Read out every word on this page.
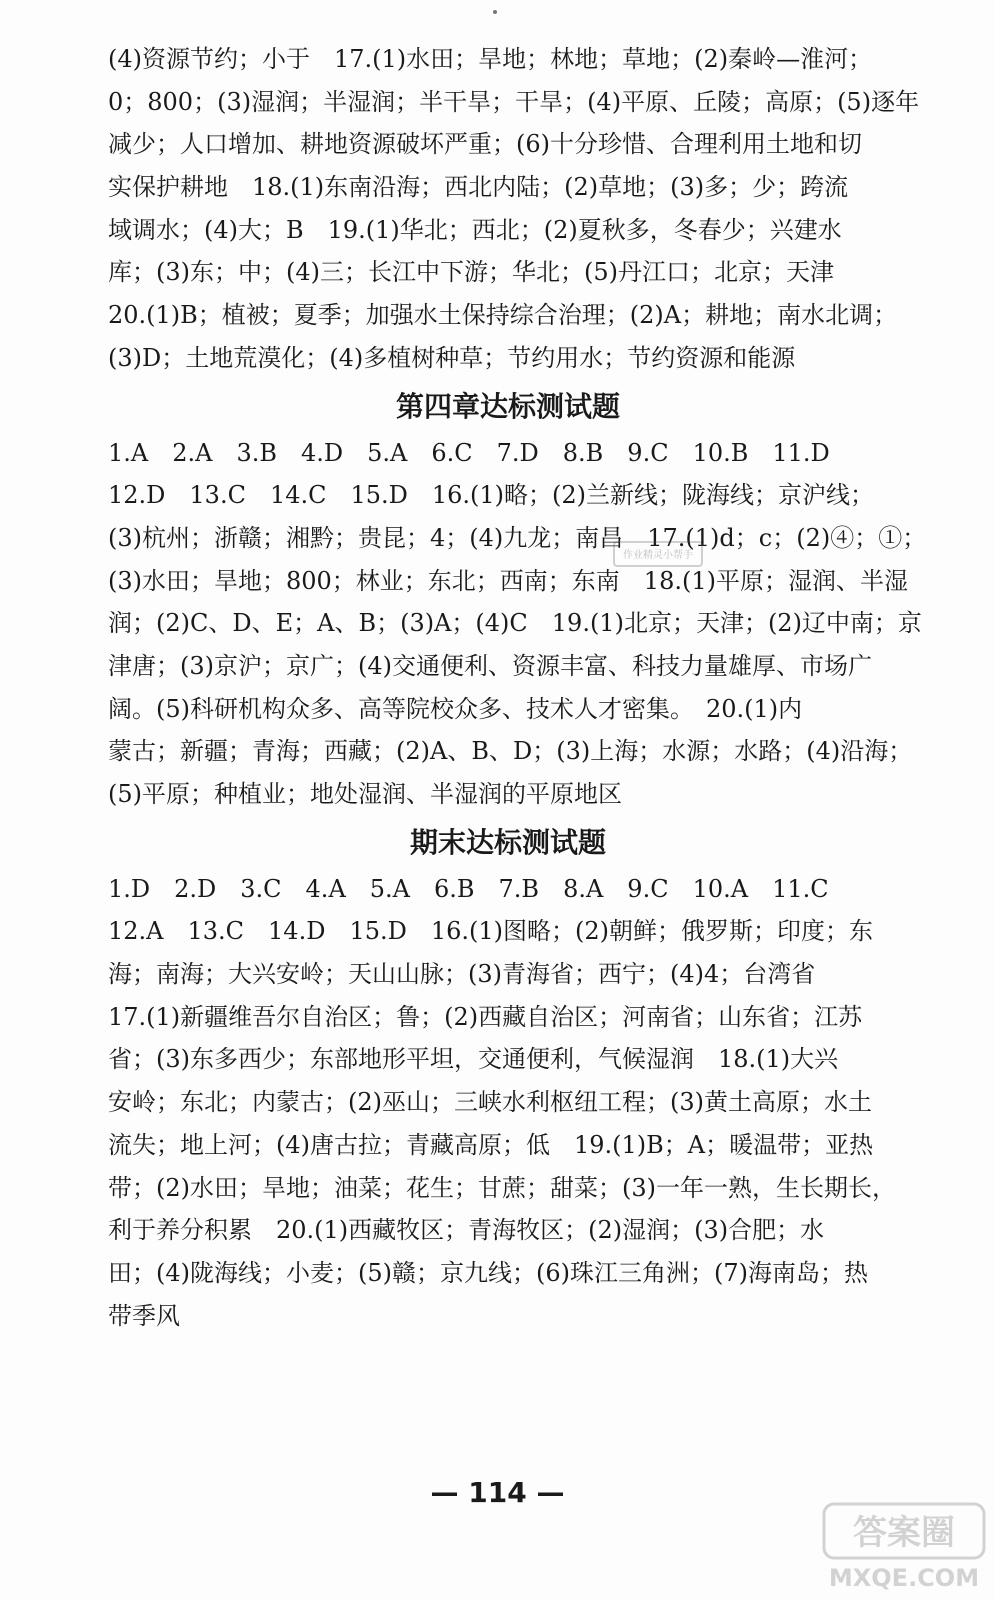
(4)资源节约；小于　17.(1)水田；旱地；林地；草地；(2)秦岭—淮河；
0；800；(3)湿润；半湿润；半干旱；干旱；(4)平原、丘陵；高原；(5)逐年
减少；人口增加、耕地资源破坏严重；(6)十分珍惜、合理利用土地和切
实保护耕地　18.(1)东南沿海；西北内陆；(2)草地；(3)多；少；跨流
域调水；(4)大；B　19.(1)华北；西北；(2)夏秋多，冬春少；兴建水
库；(3)东；中；(4)三；长江中下游；华北；(5)丹江口；北京；天津
20.(1)B；植被；夏季；加强水土保持综合治理；(2)A；耕地；南水北调；
(3)D；土地荒漠化；(4)多植树种草；节约用水；节约资源和能源
第四章达标测试题
1.A　2.A　3.B　4.D　5.A　6.C　7.D　8.B　9.C　10.B　11.D
12.D　13.C　14.C　15.D　16.(1)略；(2)兰新线；陇海线；京沪线；
(3)杭州；浙赣；湘黔；贵昆；4；(4)九龙；南昌　17.(1)d；c；(2)④；①；
(3)水田；旱地；800；林业；东北；西南；东南　18.(1)平原；湿润、半湿
润；(2)C、D、E；A、B；(3)A；(4)C　19.(1)北京；天津；(2)辽中南；京
津唐；(3)京沪；京广；(4)交通便利、资源丰富、科技力量雄厚、市场广
阔。(5)科研机构众多、高等院校众多、技术人才密集。　20.(1)内
蒙古；新疆；青海；西藏；(2)A、B、D；(3)上海；水源；水路；(4)沿海；
(5)平原；种植业；地处湿润、半湿润的平原地区
期末达标测试题
1.D　2.D　3.C　4.A　5.A　6.B　7.B　8.A　9.C　10.A　11.C
12.A　13.C　14.D　15.D　16.(1)图略；(2)朝鲜；俄罗斯；印度；东
海；南海；大兴安岭；天山山脉；(3)青海省；西宁；(4)4；台湾省
17.(1)新疆维吾尔自治区；鲁；(2)西藏自治区；河南省；山东省；江苏
省；(3)东多西少；东部地形平坦，交通便利，气候湿润　18.(1)大兴
安岭；东北；内蒙古；(2)巫山；三峡水利枢纽工程；(3)黄土高原；水土
流失；地上河；(4)唐古拉；青藏高原；低　19.(1)B；A；暖温带；亚热
带；(2)水田；旱地；油菜；花生；甘蔗；甜菜；(3)一年一熟，生长期长，
利于养分积累　20.(1)西藏牧区；青海牧区；(2)湿润；(3)合肥；水
田；(4)陇海线；小麦；(5)赣；京九线；(6)珠江三角洲；(7)海南岛；热
带季风
作业精灵小帮手
— 114 —
答案圈
MXQE.COM
